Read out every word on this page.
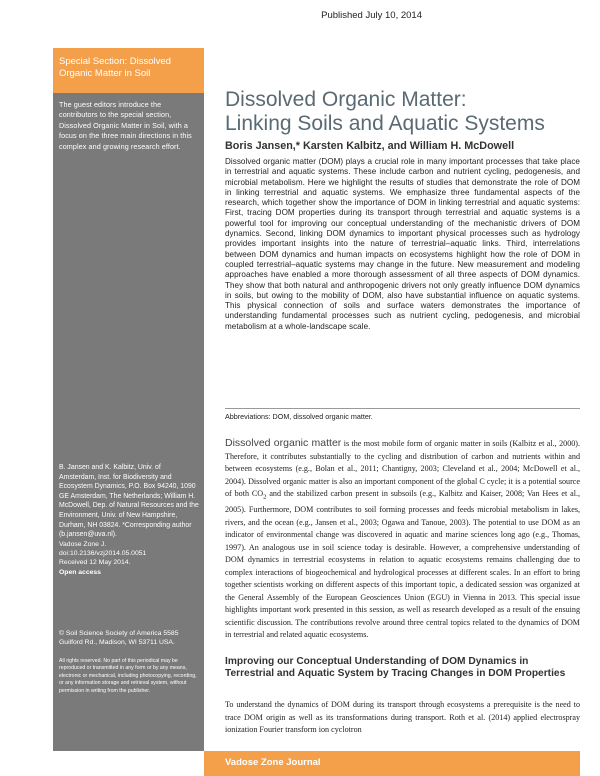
Published July 10, 2014
Special Section: Dissolved Organic Matter in Soil
The guest editors introduce the contributors to the special section, Dissolved Organic Matter in Soil, with a focus on the three main directions in this complex and growing research effort.
B. Jansen and K. Kalbitz, Univ. of Amsterdam, Inst. for Biodiversity and Ecosystem Dynamics, P.O. Box 94240, 1090 GE Amsterdam, The Netherlands; William H. McDowell, Dep. of Natural Resources and the Environment, Univ. of New Hampshire, Durham, NH 03824. *Corresponding author (b.jansen@uva.nl).
Vadose Zone J.
doi:10.2136/vzj2014.05.0051
Received 12 May 2014.
Open access
© Soil Science Society of America 5585 Guilford Rd., Madison, WI 53711 USA.
All rights reserved. No part of this periodical may be reproduced or transmitted in any form or by any means, electronic or mechanical, including photocopying, recording, or any information storage and retrieval system, without permission in writing from the publisher.
Dissolved Organic Matter:
Linking Soils and Aquatic Systems
Boris Jansen,* Karsten Kalbitz, and William H. McDowell
Dissolved organic matter (DOM) plays a crucial role in many important processes that take place in terrestrial and aquatic systems. These include carbon and nutrient cycling, pedogenesis, and microbial metabolism. Here we highlight the results of studies that demonstrate the role of DOM in linking terrestrial and aquatic systems. We emphasize three fundamental aspects of the research, which together show the importance of DOM in linking terrestrial and aquatic systems: First, tracing DOM properties during its transport through terrestrial and aquatic systems is a powerful tool for improving our conceptual understanding of the mechanistic drivers of DOM dynamics. Second, linking DOM dynamics to important physical processes such as hydrology provides important insights into the nature of terrestrial–aquatic links. Third, interrelations between DOM dynamics and human impacts on ecosystems highlight how the role of DOM in coupled terrestrial–aquatic systems may change in the future. New measurement and modeling approaches have enabled a more thorough assessment of all three aspects of DOM dynamics. They show that both natural and anthropogenic drivers not only greatly influence DOM dynamics in soils, but owing to the mobility of DOM, also have substantial influence on aquatic systems. This physical connection of soils and surface waters demonstrates the importance of understanding fundamental processes such as nutrient cycling, pedogenesis, and microbial metabolism at a whole-landscape scale.
Abbreviations: DOM, dissolved organic matter.
Dissolved organic matter is the most mobile form of organic matter in soils (Kalbitz et al., 2000). Therefore, it contributes substantially to the cycling and distribution of carbon and nutrients within and between ecosystems (e.g., Bolan et al., 2011; Chantigny, 2003; Cleveland et al., 2004; McDowell et al., 2004). Dissolved organic matter is also an important component of the global C cycle; it is a potential source of both $CO_2$ and the stabilized carbon present in subsoils (e.g., Kalbitz and Kaiser, 2008; Van Hees et al., 2005). Furthermore, DOM contributes to soil forming processes and feeds microbial metabolism in lakes, rivers, and the ocean (e.g., Jansen et al., 2003; Ogawa and Tanoue, 2003). The potential to use DOM as an indicator of environmental change was discovered in aquatic and marine sciences long ago (e.g., Thomas, 1997). An analogous use in soil science today is desirable. However, a comprehensive understanding of DOM dynamics in terrestrial ecosystems in relation to aquatic ecosystems remains challenging due to complex interactions of biogeochemical and hydrological processes at different scales. In an effort to bring together scientists working on different aspects of this important topic, a dedicated session was organized at the General Assembly of the European Geosciences Union (EGU) in Vienna in 2013. This special issue highlights important work presented in this session, as well as research developed as a result of the ensuing scientific discussion. The contributions revolve around three central topics related to the dynamics of DOM in terrestrial and related aquatic ecosystems.
Improving our Conceptual Understanding of DOM Dynamics in Terrestrial and Aquatic System by Tracing Changes in DOM Properties
To understand the dynamics of DOM during its transport through ecosystems a prerequisite is the need to trace DOM origin as well as its transformations during transport. Roth et al. (2014) applied electrospray ionization Fourier transform ion cyclotron
Vadose Zone Journal
